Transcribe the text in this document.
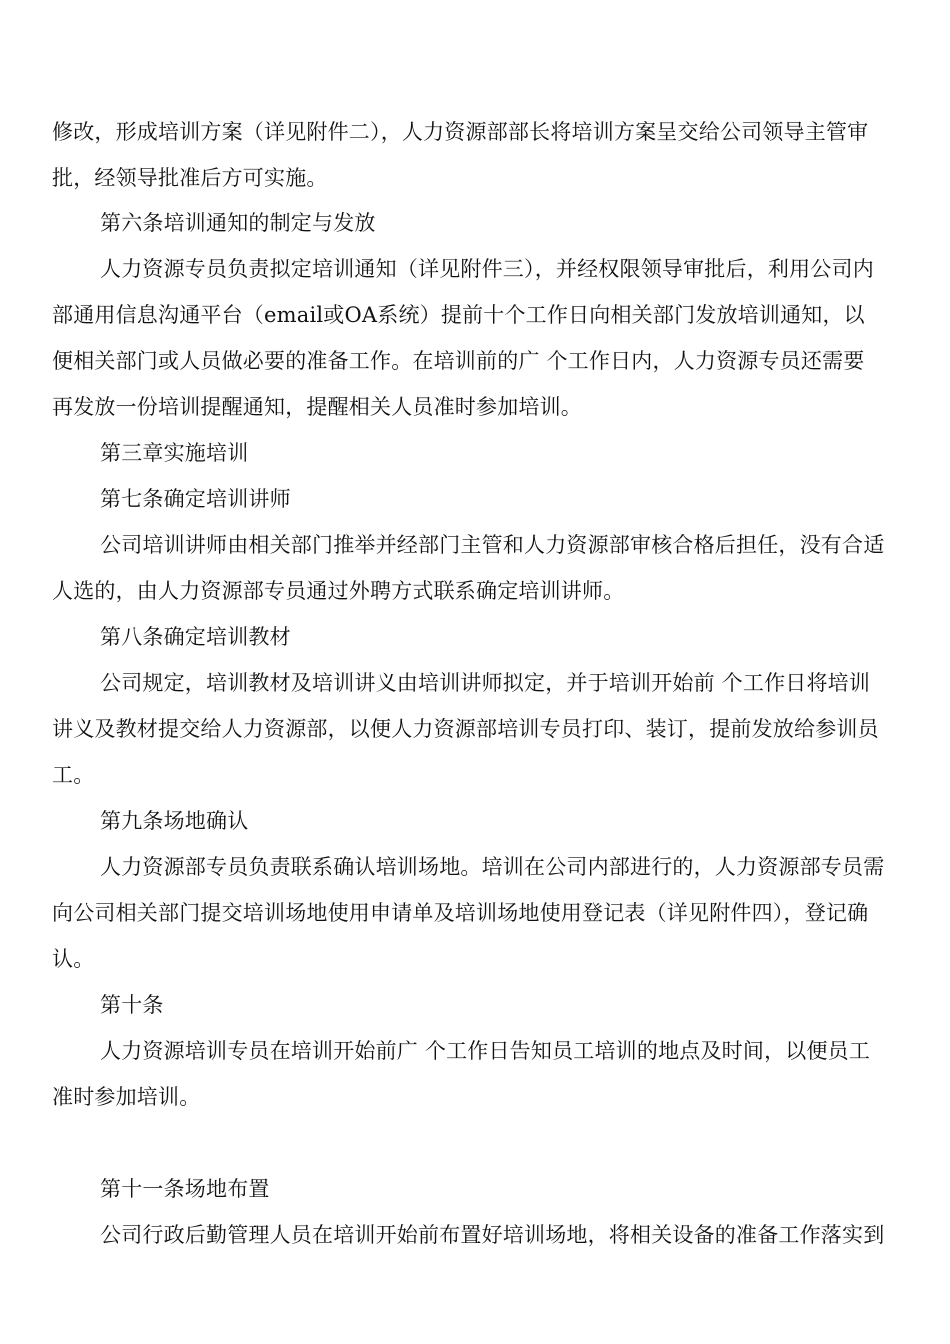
修改，形成培训方案（详见附件二），人力资源部部长将培训方案呈交给公司领导主管审
批，经领导批准后方可实施。
第六条培训通知的制定与发放
人力资源专员负责拟定培训通知（详见附件三），并经权限领导审批后，利用公司内
部通用信息沟通平台（email或OA系统）提前十个工作日向相关部门发放培训通知，以
便相关部门或人员做必要的准备工作。在培训前的广 个工作日内，人力资源专员还需要
再发放一份培训提醒通知，提醒相关人员准时参加培训。
第三章实施培训
第七条确定培训讲师
公司培训讲师由相关部门推举并经部门主管和人力资源部审核合格后担任，没有合适
人选的，由人力资源部专员通过外聘方式联系确定培训讲师。
第八条确定培训教材
公司规定，培训教材及培训讲义由培训讲师拟定，并于培训开始前 个工作日将培训
讲义及教材提交给人力资源部，以便人力资源部培训专员打印、装订，提前发放给参训员
工。
第九条场地确认
人力资源部专员负责联系确认培训场地。培训在公司内部进行的，人力资源部专员需
向公司相关部门提交培训场地使用申请单及培训场地使用登记表（详见附件四），登记确
认。
第十条
人力资源培训专员在培训开始前广 个工作日告知员工培训的地点及时间，以便员工
准时参加培训。
第十一条场地布置
公司行政后勤管理人员在培训开始前布置好培训场地，将相关设备的准备工作落实到
